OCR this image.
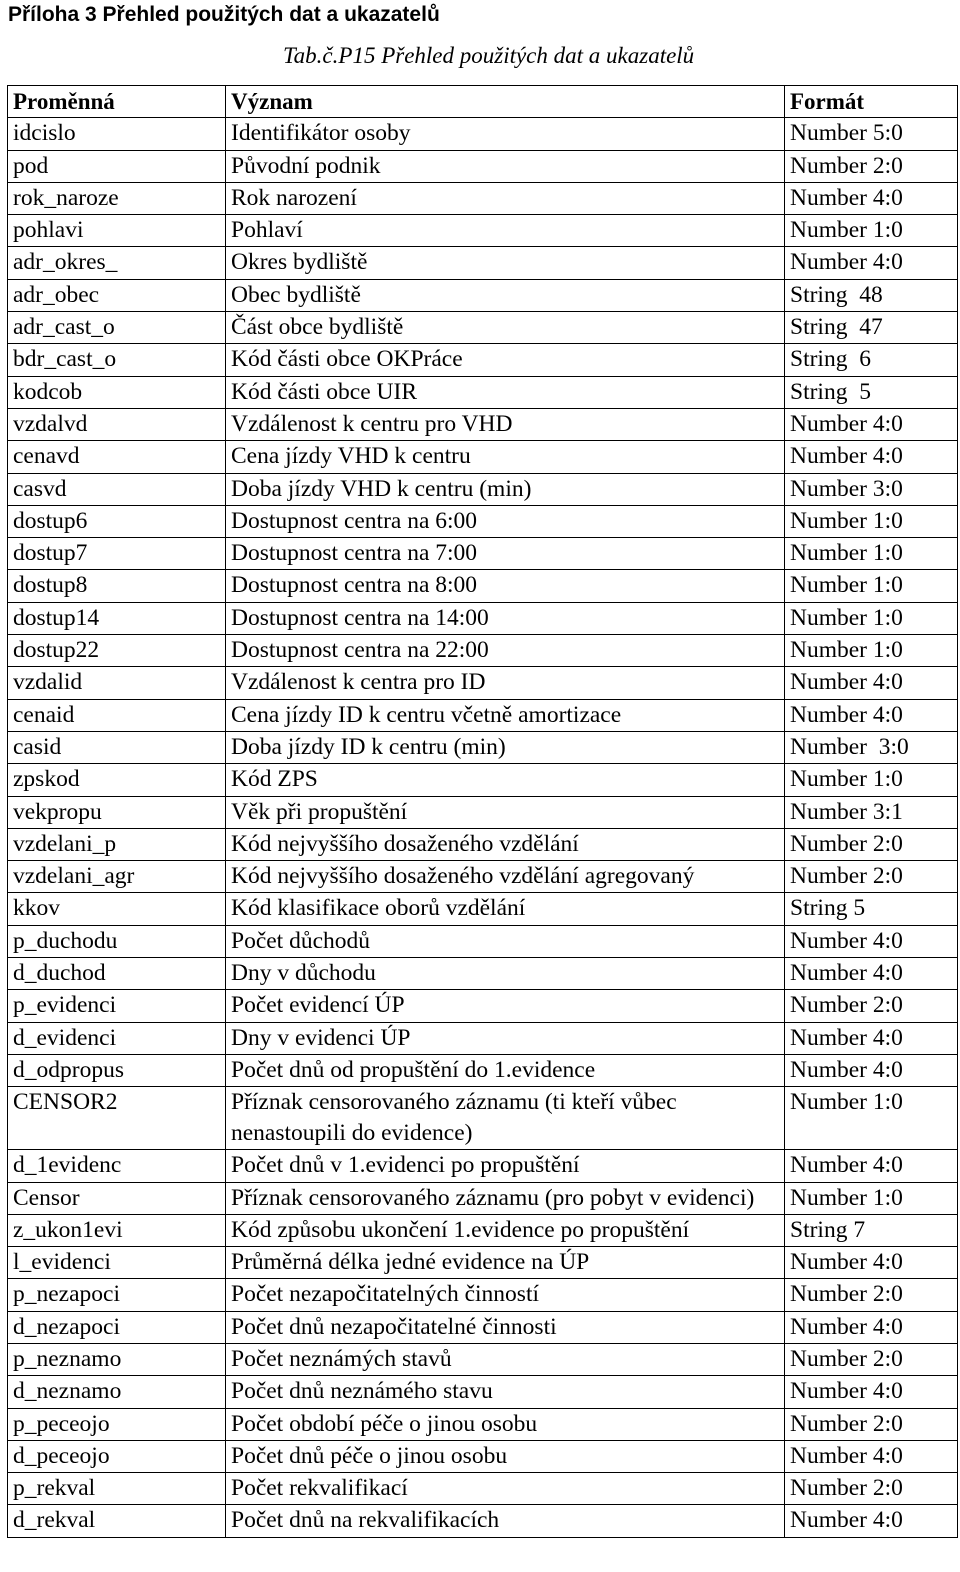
Příloha 3 Přehled použitých dat a ukazatelů
Tab.č.P15 Přehled použitých dat a ukazatelů
Proměnná	Význam	Formát
idcislo	Identifikátor osoby	Number 5:0
pod	Původní podnik	Number 2:0
rok_naroze	Rok narození	Number 4:0
pohlavi	Pohlaví	Number 1:0
adr_okres_	Okres bydliště	Number 4:0
adr_obec	Obec bydliště	String  48
adr_cast_o	Část obce bydliště	String  47
bdr_cast_o	Kód části obce OKPráce	String  6
kodcob	Kód části obce UIR	String  5
vzdalvd	Vzdálenost k centru pro VHD	Number 4:0
cenavd	Cena jízdy VHD k centru	Number 4:0
casvd	Doba jízdy VHD k centru (min)	Number 3:0
dostup6	Dostupnost centra na 6:00	Number 1:0
dostup7	Dostupnost centra na 7:00	Number 1:0
dostup8	Dostupnost centra na 8:00	Number 1:0
dostup14	Dostupnost centra na 14:00	Number 1:0
dostup22	Dostupnost centra na 22:00	Number 1:0
vzdalid	Vzdálenost k centra pro ID	Number 4:0
cenaid	Cena jízdy ID k centru včetně amortizace	Number 4:0
casid	Doba jízdy ID k centru (min)	Number  3:0
zpskod	Kód ZPS	Number 1:0
vekpropu	Věk při propuštění	Number 3:1
vzdelani_p	Kód nejvyššího dosaženého vzdělání	Number 2:0
vzdelani_agr	Kód nejvyššího dosaženého vzdělání agregovaný	Number 2:0
kkov	Kód klasifikace oborů vzdělání	String 5
p_duchodu	Počet důchodů	Number 4:0
d_duchod	Dny v důchodu	Number 4:0
p_evidenci	Počet evidencí ÚP	Number 2:0
d_evidenci	Dny v evidenci ÚP	Number 4:0
d_odpropus	Počet dnů od propuštění do 1.evidence	Number 4:0
CENSOR2	Příznak censorovaného záznamu (ti kteří vůbec nenastoupili do evidence)	Number 1:0
d_1evidenc	Počet dnů v 1.evidenci po propuštění	Number 4:0
Censor	Příznak censorovaného záznamu (pro pobyt v evidenci)	Number 1:0
z_ukon1evi	Kód způsobu ukončení 1.evidence po propuštění	String 7
l_evidenci	Průměrná délka jedné evidence na ÚP	Number 4:0
p_nezapoci	Počet nezapočitatelných činností	Number 2:0
d_nezapoci	Počet dnů nezapočitatelné činnosti	Number 4:0
p_neznamo	Počet neznámých stavů	Number 2:0
d_neznamo	Počet dnů neznámého stavu	Number 4:0
p_peceojo	Počet období péče o jinou osobu	Number 2:0
d_peceojo	Počet dnů péče o jinou osobu	Number 4:0
p_rekval	Počet rekvalifikací	Number 2:0
d_rekval	Počet dnů na rekvalifikacích	Number 4:0
